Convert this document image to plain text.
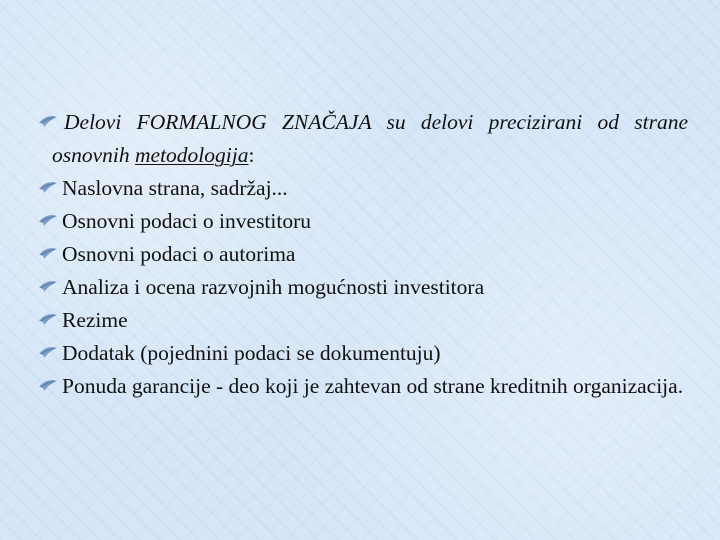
Delovi FORMALNOG ZNAČAJA su delovi precizirani od strane osnovnih metodologija:

Naslovna strana, sadržaj...

Osnovni podaci o investitoru

Osnovni podaci o autorima

Analiza i ocena razvojnih mogućnosti investitora

Rezime

Dodatak (pojednini podaci se dokumentuju)

Ponuda garancije - deo koji je zahtevan od strane kreditnih organizacija.
